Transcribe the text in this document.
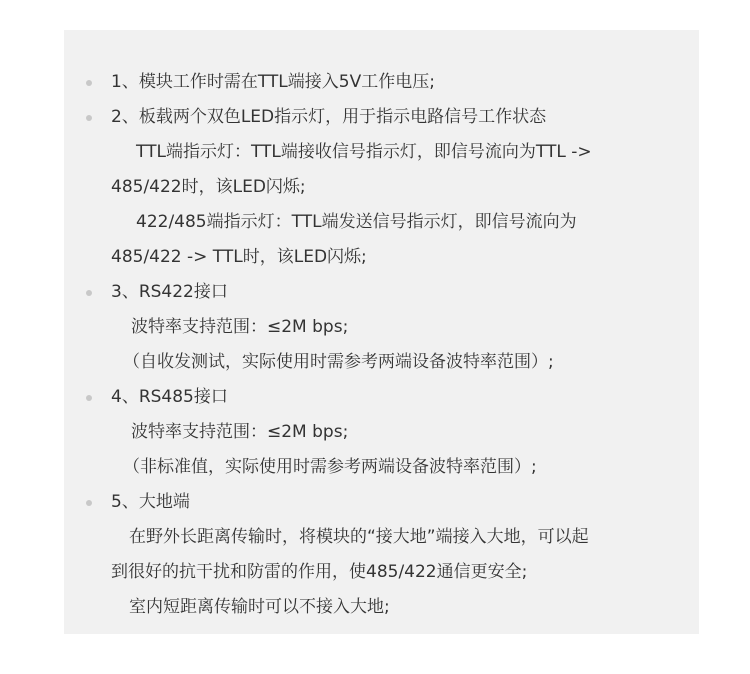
1、模块工作时需在TTL端接入5V工作电压;
2、板载两个双色LED指示灯，用于指示电路信号工作状态
TTL端指示灯：TTL端接收信号指示灯，即信号流向为TTL ->
485/422时，该LED闪烁;
422/485端指示灯：TTL端发送信号指示灯，即信号流向为
485/422 -> TTL时，该LED闪烁;
3、RS422接口
波特率支持范围：≤2M bps;
（自收发测试，实际使用时需参考两端设备波特率范围）;
4、RS485接口
波特率支持范围：≤2M bps;
（非标准值，实际使用时需参考两端设备波特率范围）;
5、大地端
在野外长距离传输时，将模块的“接大地”端接入大地，可以起
到很好的抗干扰和防雷的作用，使485/422通信更安全;
室内短距离传输时可以不接入大地;
